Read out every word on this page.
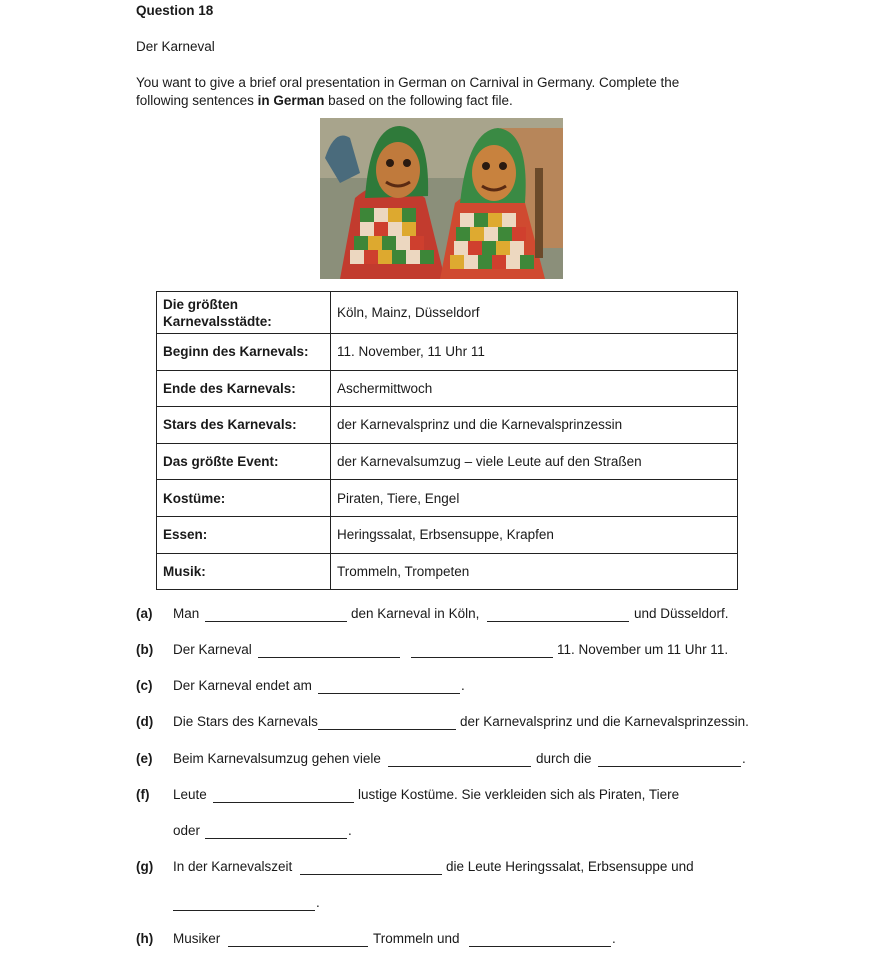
Question 18
Der Karneval
You want to give a brief oral presentation in German on Carnival in Germany. Complete the
following sentences in German based on the following fact file.
Die größten
Karnevalsstädte:	Köln, Mainz, Düsseldorf
Beginn des Karnevals:	11. November, 11 Uhr 11
Ende des Karnevals:	Aschermittwoch
Stars des Karnevals:	der Karnevalsprinz und die Karnevalsprinzessin
Das größte Event:	der Karnevalsumzug – viele Leute auf den Straßen
Kostüme:	Piraten, Tiere, Engel
Essen:	Heringssalat, Erbsensuppe, Krapfen
Musik:	Trommeln, Trompeten
(a) Man	den Karneval in Köln,	und Düsseldorf.
(b) Der Karneval	11. November um 11 Uhr 11.
(c) Der Karneval endet am	.
(d) Die Stars des Karnevals	der Karnevalsprinz und die Karnevalsprinzessin.
(e) Beim Karnevalsumzug gehen viele	durch die	.
(f) Leute	lustige Kostüme. Sie verkleiden sich als Piraten, Tiere
oder	.
(g) In der Karnevalszeit	die Leute Heringssalat, Erbsensuppe und
.
(h) Musiker	Trommeln und	.
